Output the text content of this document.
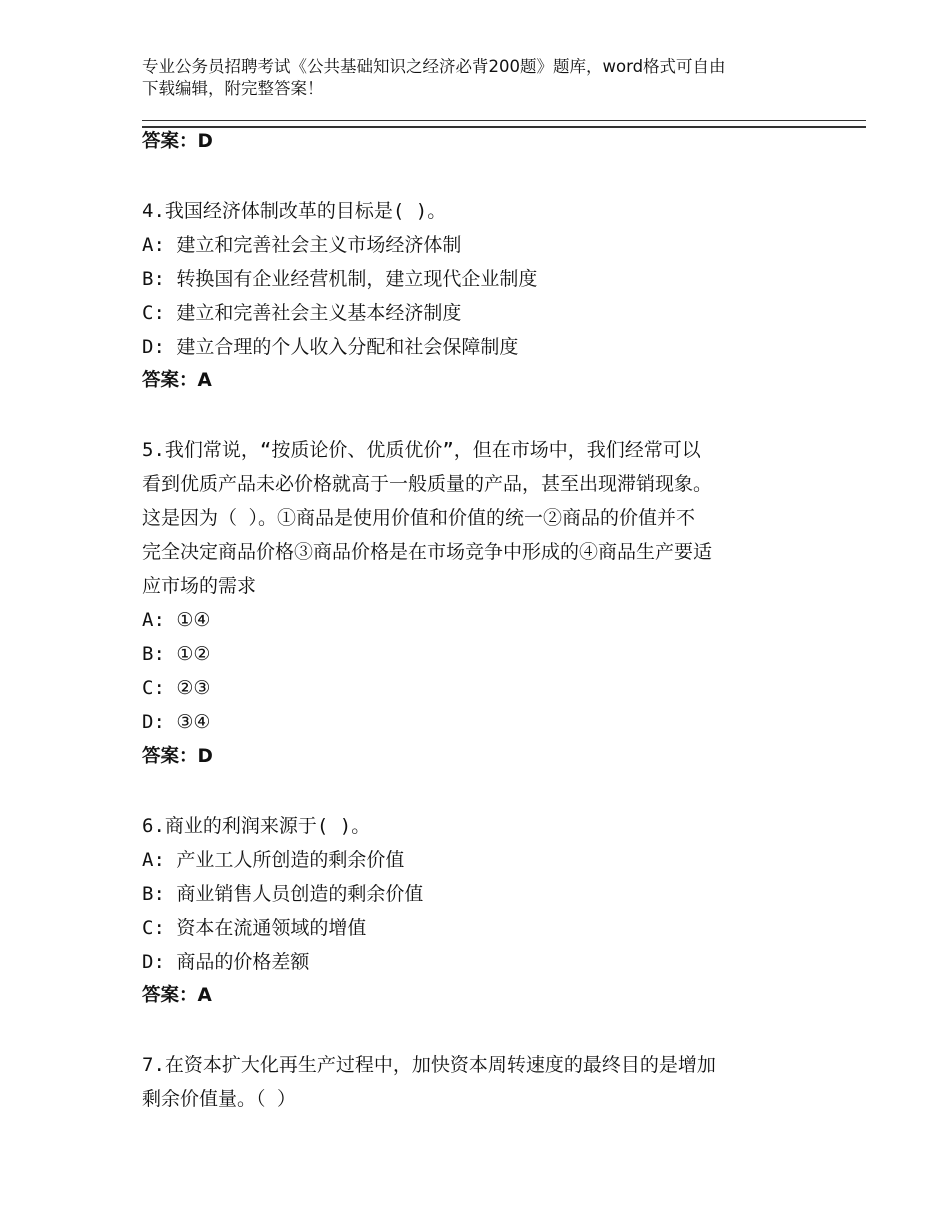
专业公务员招聘考试《公共基础知识之经济必背200题》题库，word格式可自由
下载编辑，附完整答案！
答案：D
4.我国经济体制改革的目标是( )。
A: 建立和完善社会主义市场经济体制
B: 转换国有企业经营机制，建立现代企业制度
C: 建立和完善社会主义基本经济制度
D: 建立合理的个人收入分配和社会保障制度
答案：A
5.我们常说，“按质论价、优质优价”，但在市场中，我们经常可以
看到优质产品未必价格就高于一般质量的产品，甚至出现滞销现象。
这是因为（ ）。①商品是使用价值和价值的统一②商品的价值并不
完全决定商品价格③商品价格是在市场竞争中形成的④商品生产要适
应市场的需求
A: ①④
B: ①②
C: ②③
D: ③④
答案：D
6.商业的利润来源于( )。
A: 产业工人所创造的剩余价值
B: 商业销售人员创造的剩余价值
C: 资本在流通领域的增值
D: 商品的价格差额
答案：A
7.在资本扩大化再生产过程中，加快资本周转速度的最终目的是增加
剩余价值量。（ ）
